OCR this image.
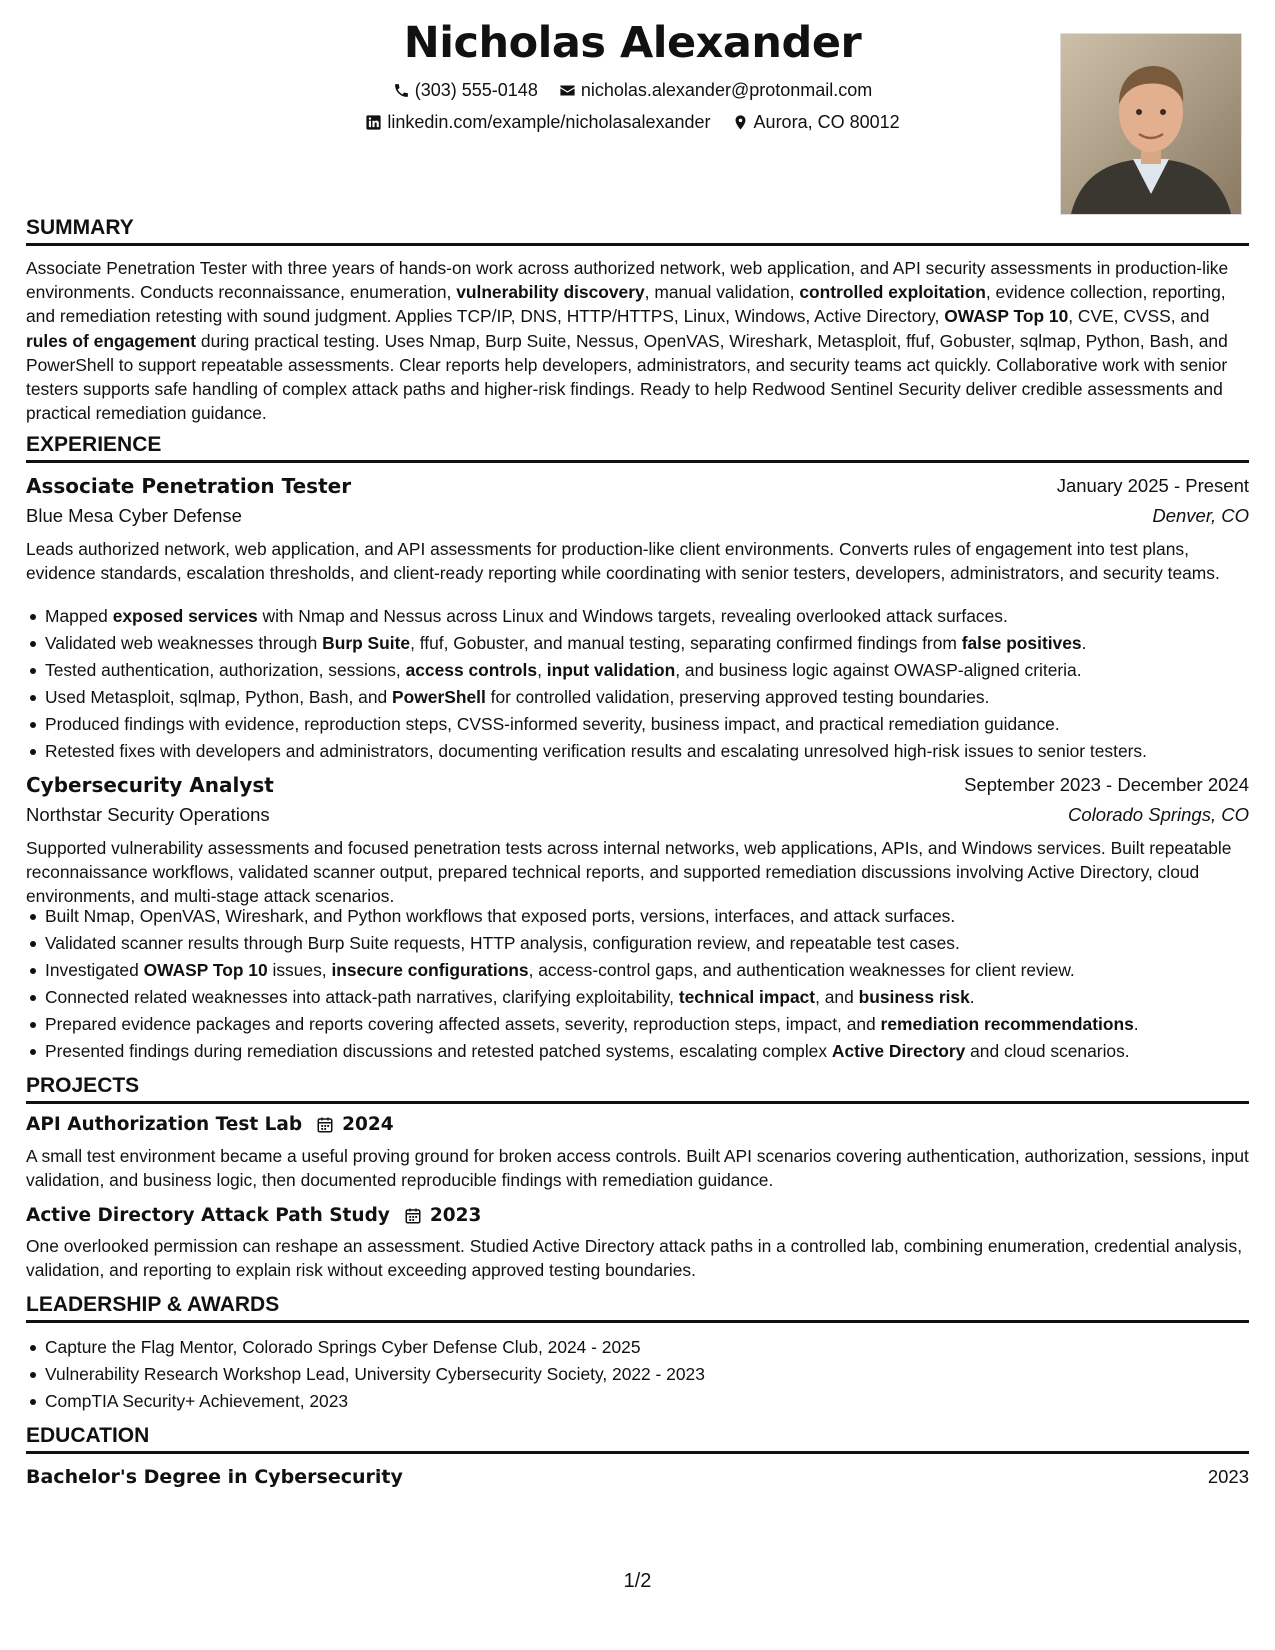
Nicholas Alexander
(303) 555-0148
nicholas.alexander@protonmail.com
linkedin.com/example/nicholasalexander
Aurora, CO 80012
SUMMARY
Associate Penetration Tester with three years of hands-on work across authorized network, web application, and API security assessments in production-like environments. Conducts reconnaissance, enumeration, vulnerability discovery, manual validation, controlled exploitation, evidence collection, reporting, and remediation retesting with sound judgment. Applies TCP/IP, DNS, HTTP/HTTPS, Linux, Windows, Active Directory, OWASP Top 10, CVE, CVSS, and rules of engagement during practical testing. Uses Nmap, Burp Suite, Nessus, OpenVAS, Wireshark, Metasploit, ffuf, Gobuster, sqlmap, Python, Bash, and PowerShell to support repeatable assessments. Clear reports help developers, administrators, and security teams act quickly. Collaborative work with senior testers supports safe handling of complex attack paths and higher-risk findings. Ready to help Redwood Sentinel Security deliver credible assessments and practical remediation guidance.
EXPERIENCE
Associate Penetration Tester	January 2025 - Present
Blue Mesa Cyber Defense	Denver, CO
Leads authorized network, web application, and API assessments for production-like client environments. Converts rules of engagement into test plans, evidence standards, escalation thresholds, and client-ready reporting while coordinating with senior testers, developers, administrators, and security teams.
Mapped exposed services with Nmap and Nessus across Linux and Windows targets, revealing overlooked attack surfaces.
Validated web weaknesses through Burp Suite, ffuf, Gobuster, and manual testing, separating confirmed findings from false positives.
Tested authentication, authorization, sessions, access controls, input validation, and business logic against OWASP-aligned criteria.
Used Metasploit, sqlmap, Python, Bash, and PowerShell for controlled validation, preserving approved testing boundaries.
Produced findings with evidence, reproduction steps, CVSS-informed severity, business impact, and practical remediation guidance.
Retested fixes with developers and administrators, documenting verification results and escalating unresolved high-risk issues to senior testers.
Cybersecurity Analyst	September 2023 - December 2024
Northstar Security Operations	Colorado Springs, CO
Supported vulnerability assessments and focused penetration tests across internal networks, web applications, APIs, and Windows services. Built repeatable reconnaissance workflows, validated scanner output, prepared technical reports, and supported remediation discussions involving Active Directory, cloud environments, and multi-stage attack scenarios.
Built Nmap, OpenVAS, Wireshark, and Python workflows that exposed ports, versions, interfaces, and attack surfaces.
Validated scanner results through Burp Suite requests, HTTP analysis, configuration review, and repeatable test cases.
Investigated OWASP Top 10 issues, insecure configurations, access-control gaps, and authentication weaknesses for client review.
Connected related weaknesses into attack-path narratives, clarifying exploitability, technical impact, and business risk.
Prepared evidence packages and reports covering affected assets, severity, reproduction steps, impact, and remediation recommendations.
Presented findings during remediation discussions and retested patched systems, escalating complex Active Directory and cloud scenarios.
PROJECTS
API Authorization Test Lab 2024
A small test environment became a useful proving ground for broken access controls. Built API scenarios covering authentication, authorization, sessions, input validation, and business logic, then documented reproducible findings with remediation guidance.
Active Directory Attack Path Study 2023
One overlooked permission can reshape an assessment. Studied Active Directory attack paths in a controlled lab, combining enumeration, credential analysis, validation, and reporting to explain risk without exceeding approved testing boundaries.
LEADERSHIP & AWARDS
Capture the Flag Mentor, Colorado Springs Cyber Defense Club, 2024 - 2025
Vulnerability Research Workshop Lead, University Cybersecurity Society, 2022 - 2023
CompTIA Security+ Achievement, 2023
EDUCATION
Bachelor's Degree in Cybersecurity	2023
1/2
